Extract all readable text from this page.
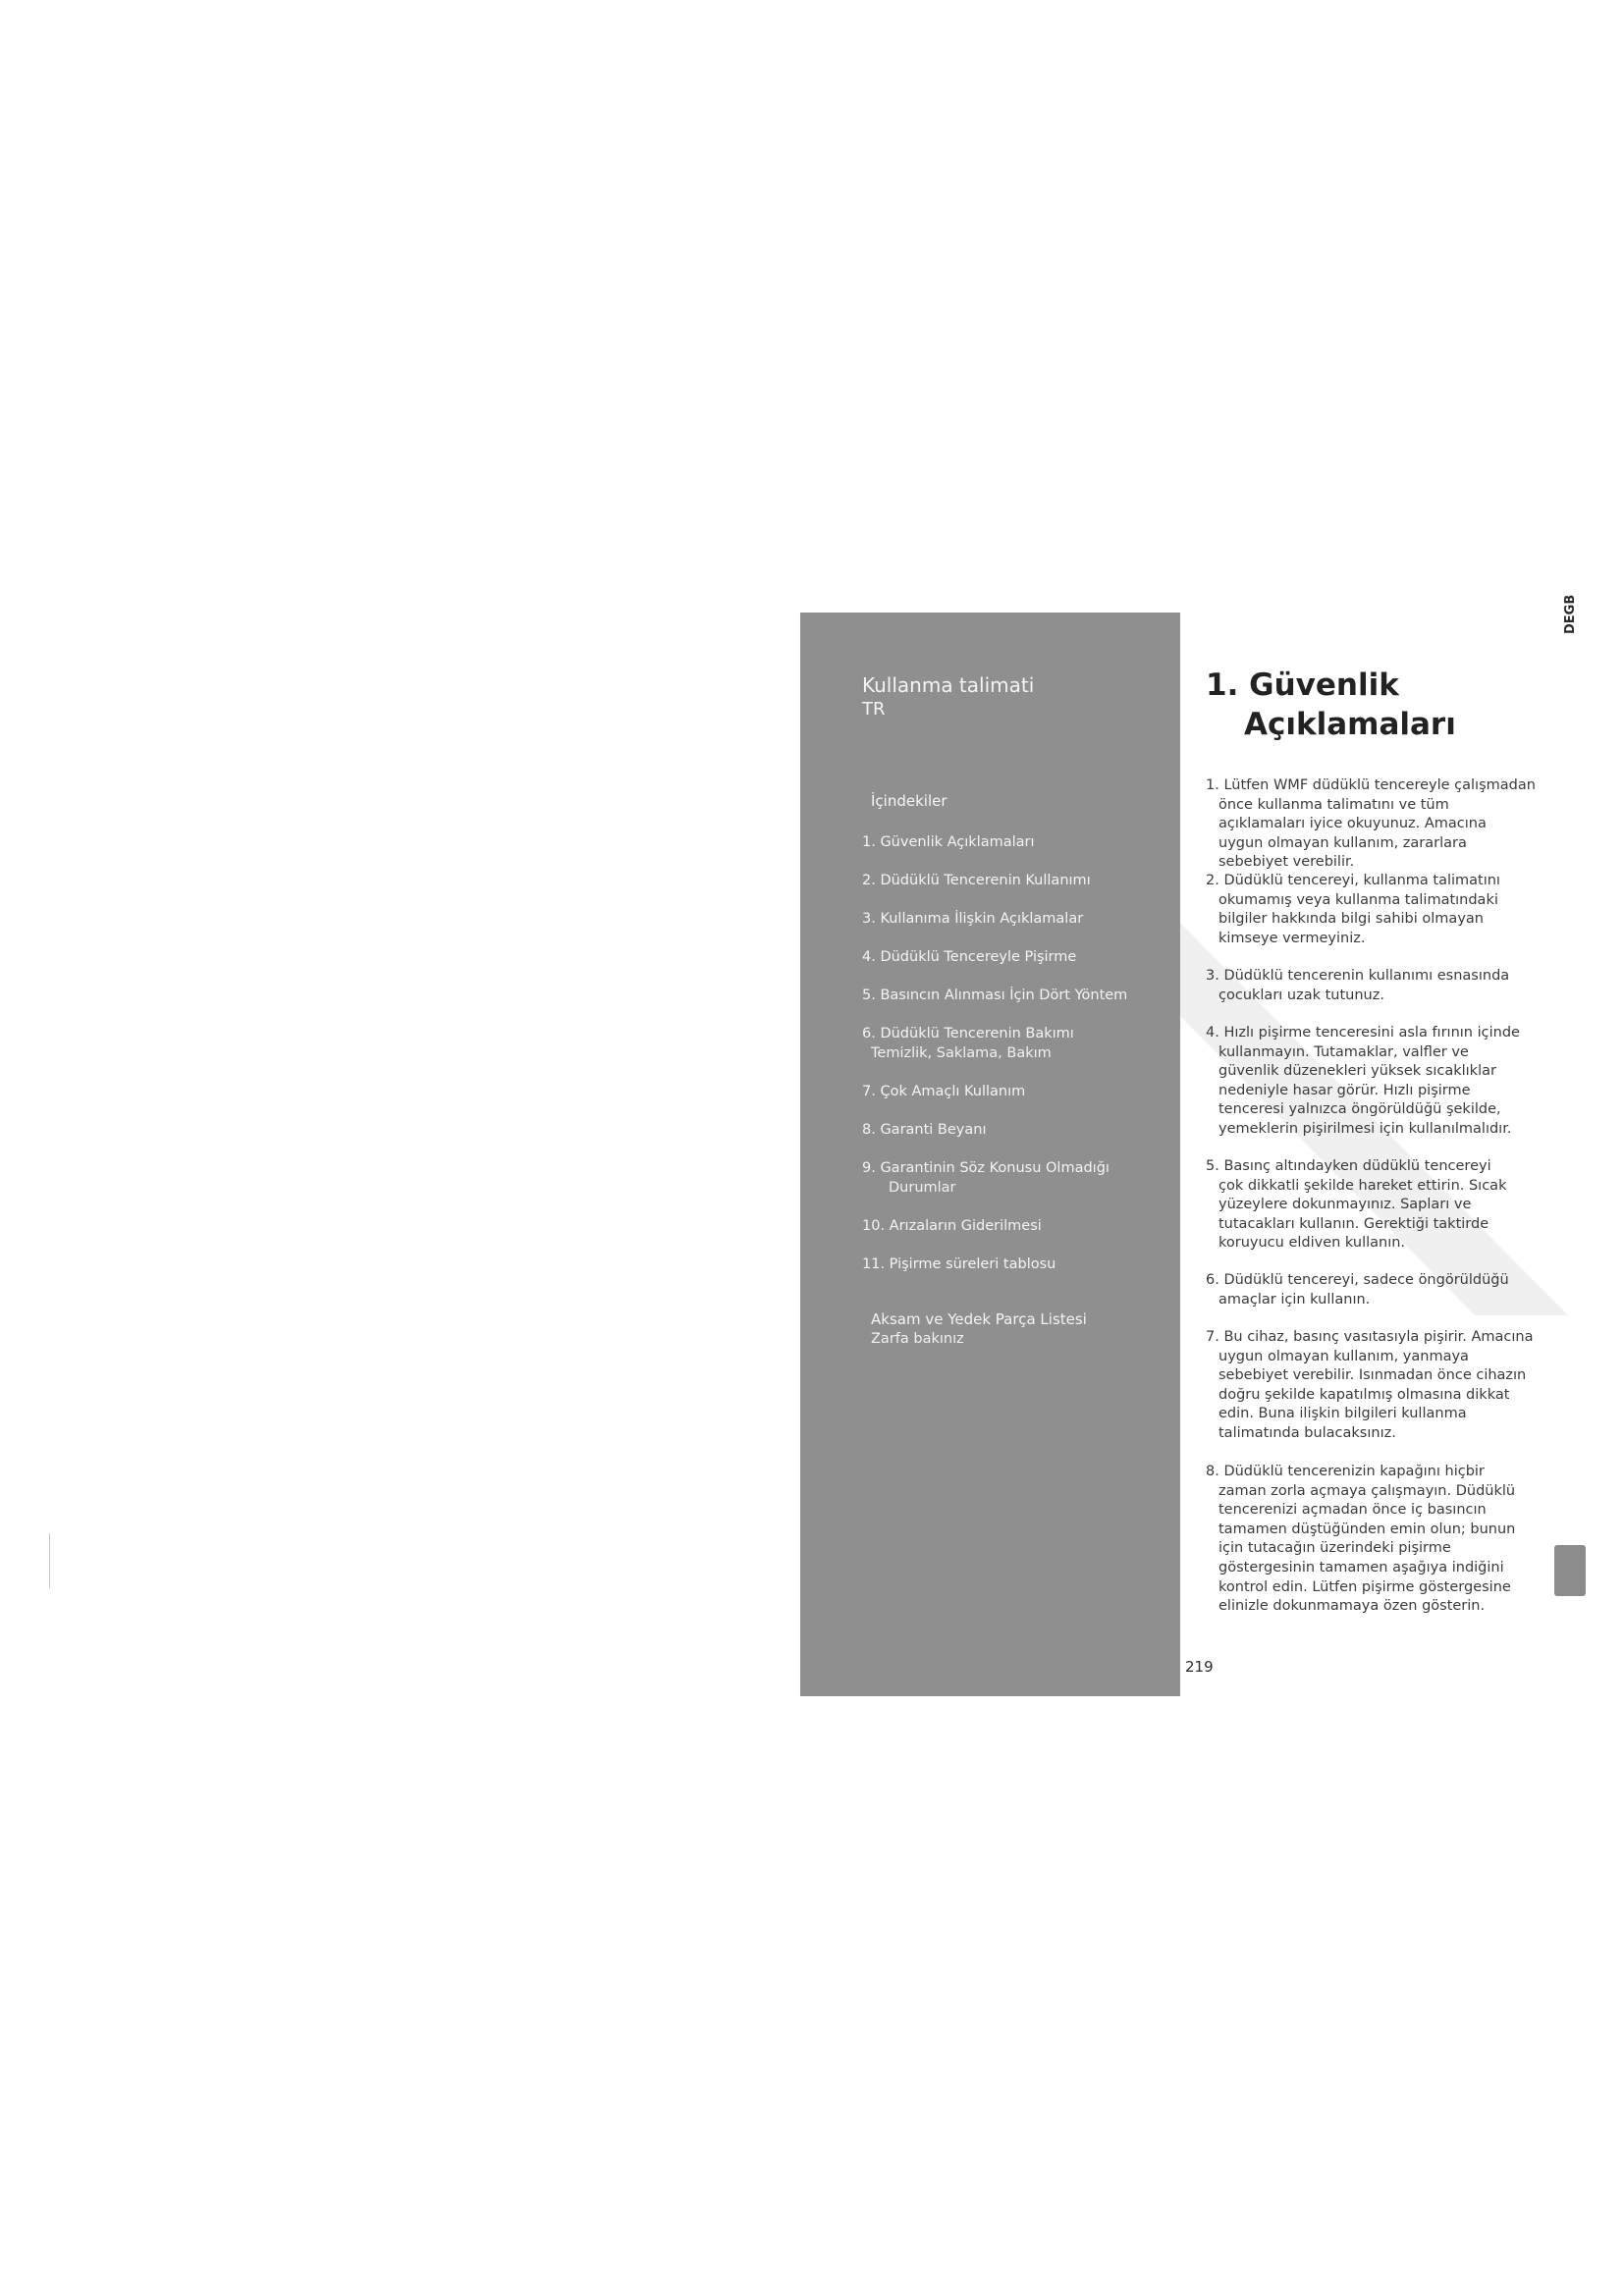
Kullanma talimati
TR
İçindekiler
1. Güvenlik Açıklamaları
2. Düdüklü Tencerenin Kullanımı
3. Kullanıma İlişkin Açıklamalar
4. Düdüklü Tencereyle Pişirme
5. Basıncın Alınması İçin Dört Yöntem
6. Düdüklü Tencerenin Bakımı
Temizlik, Saklama, Bakım
7. Çok Amaçlı Kullanım
8. Garanti Beyanı
9. Garantinin Söz Konusu Olmadığı
Durumlar
10. Arızaların Giderilmesi
11. Pişirme süreleri tablosu
Aksam ve Yedek Parça Listesi
Zarfa bakınız
1. Güvenlik
Açıklamaları
1. Lütfen WMF düdüklü tencereyle çalışmadan
önce kullanma talimatını ve tüm açıklamaları iyice okuyunuz. Amacına uygun olmayan kullanım, zararlara sebebiyet verebilir.
2. Düdüklü tencereyi, kullanma talimatını
okumamış veya kullanma talimatındaki bilgiler hakkında bilgi sahibi olmayan kimseye vermeyiniz.
3. Düdüklü tencerenin kullanımı esnasında
çocukları uzak tutunuz.
4. Hızlı pişirme tenceresini asla fırının içinde
kullanmayın. Tutamaklar, valfler ve güvenlik düzenekleri yüksek sıcaklıklar nedeniyle hasar görür. Hızlı pişirme tenceresi yalnızca öngörüldüğü şekilde, yemeklerin pişirilmesi için kullanılmalıdır.
5. Basınç altındayken düdüklü tencereyi
çok dikkatli şekilde hareket ettirin. Sıcak yüzeylere dokunmayınız. Sapları ve tutacakları kullanın. Gerektiği taktirde koruyucu eldiven kullanın.
6. Düdüklü tencereyi, sadece öngörüldüğü
amaçlar için kullanın.
7. Bu cihaz, basınç vasıtasıyla pişirir. Amacına
uygun olmayan kullanım, yanmaya sebebiyet verebilir. Isınmadan önce cihazın doğru şekilde kapatılmış olmasına dikkat edin. Buna ilişkin bilgileri kullanma talimatında bulacaksınız.
8. Düdüklü tencerenizin kapağını hiçbir
zaman zorla açmaya çalışmayın. Düdüklü tencerenizi açmadan önce iç basıncın tamamen düştüğünden emin olun; bunun için tutacağın üzerindeki pişirme göstergesinin tamamen aşağıya indiğini kontrol edin. Lütfen pişirme göstergesine elinizle dokunmamaya özen gösterin.
219
DEGB
